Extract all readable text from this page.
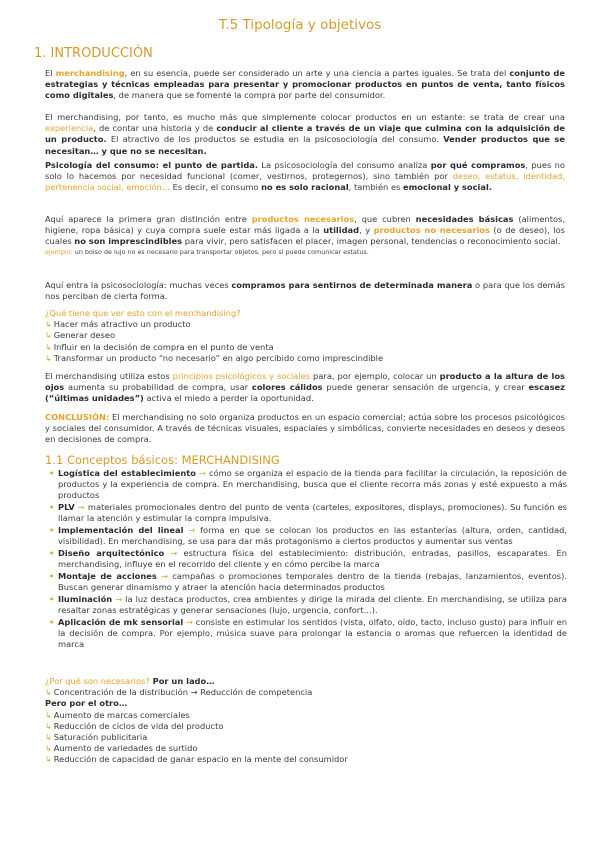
T.5 Tipología y objetivos
1. INTRODUCCIÓN
El merchandising, en su esencia, puede ser considerado un arte y una ciencia a partes iguales. Se trata del conjunto de estrategias y técnicas empleadas para presentar y promocionar productos en puntos de venta, tanto físicos como digitales, de manera que se fomente la compra por parte del consumidor.
El merchandising, por tanto, es mucho más que simplemente colocar productos en un estante: se trata de crear una experiencia, de contar una historia y de conducir al cliente a través de un viaje que culmina con la adquisición de un producto. El atractivo de los productos se estudia en la psicosociología del consumo. Vender productos que se necesitan… y que no se necesitan.
Psicología del consumo: el punto de partida. La psicosociología del consumo analiza por qué compramos, pues no solo lo hacemos por necesidad funcional (comer, vestirnos, protegernos), sino también por deseo, estatus, identidad, pertenencia social, emoción… Es decir, el consumo no es solo racional, también es emocional y social.
Aquí aparece la primera gran distinción entre productos necesarios, que cubren necesidades básicas (alimentos, higiene, ropa básica) y cuya compra suele estar más ligada a la utilidad, y productos no necesarios (o de deseo), los cuales no son imprescindibles para vivir, pero satisfacen el placer, imagen personal, tendencias o reconocimiento social.
ejemplo: un bolso de lujo no es necesario para transportar objetos, pero sí puede comunicar estatus.
Aquí entra la psicosociología: muchas veces compramos para sentirnos de determinada manera o para que los demás nos perciban de cierta forma.
¿Qué tiene que ver esto con el merchandising?
↳ Hacer más atractivo un producto
↳ Generar deseo
↳ Influir en la decisión de compra en el punto de venta
↳ Transformar un producto “no necesario” en algo percibido como imprescindible
El merchandising utiliza estos principios psicológicos y sociales para, por ejemplo, colocar un producto a la altura de los ojos aumenta su probabilidad de compra, usar colores cálidos puede generar sensación de urgencia, y crear escasez (“últimas unidades”) activa el miedo a perder la oportunidad.
CONCLUSIÓN: El merchandising no solo organiza productos en un espacio comercial; actúa sobre los procesos psicológicos y sociales del consumidor. A través de técnicas visuales, espaciales y simbólicas, convierte necesidades en deseos y deseos en decisiones de compra.
1.1 Conceptos básicos: MERCHANDISING
• Logística del establecimiento → cómo se organiza el espacio de la tienda para facilitar la circulación, la reposición de productos y la experiencia de compra. En merchandising, busca que el cliente recorra más zonas y esté expuesto a más productos
• PLV → materiales promocionales dentro del punto de venta (carteles, expositores, displays, promociones). Su función es llamar la atención y estimular la compra impulsiva.
• Implementación del lineal → forma en que se colocan los productos en las estanterías (altura, orden, cantidad, visibilidad). En merchandising, se usa para dar más protagonismo a ciertos productos y aumentar sus ventas
• Diseño arquitectónico → estructura física del establecimiento: distribución, entradas, pasillos, escaparates. En merchandising, influye en el recorrido del cliente y en cómo percibe la marca
• Montaje de acciones → campañas o promociones temporales dentro de la tienda (rebajas, lanzamientos, eventos). Buscan generar dinamismo y atraer la atención hacia determinados productos
• Iluminación → la luz destaca productos, crea ambientes y dirige la mirada del cliente. En merchandising, se utiliza para resaltar zonas estratégicas y generar sensaciones (lujo, urgencia, confort…).
• Aplicación de mk sensorial → consiste en estimular los sentidos (vista, olfato, oído, tacto, incluso gusto) para influir en la decisión de compra. Por ejemplo, música suave para prolongar la estancia o aromas que refuercen la identidad de marca
¿Por qué son necesarios? Por un lado…
↳ Concentración de la distribución → Reducción de competencia
Pero por el otro…
↳ Aumento de marcas comerciales
↳ Reducción de ciclos de vida del producto
↳ Saturación publicitaria
↳ Aumento de variedades de surtido
↳ Reducción de capacidad de ganar espacio en la mente del consumidor
